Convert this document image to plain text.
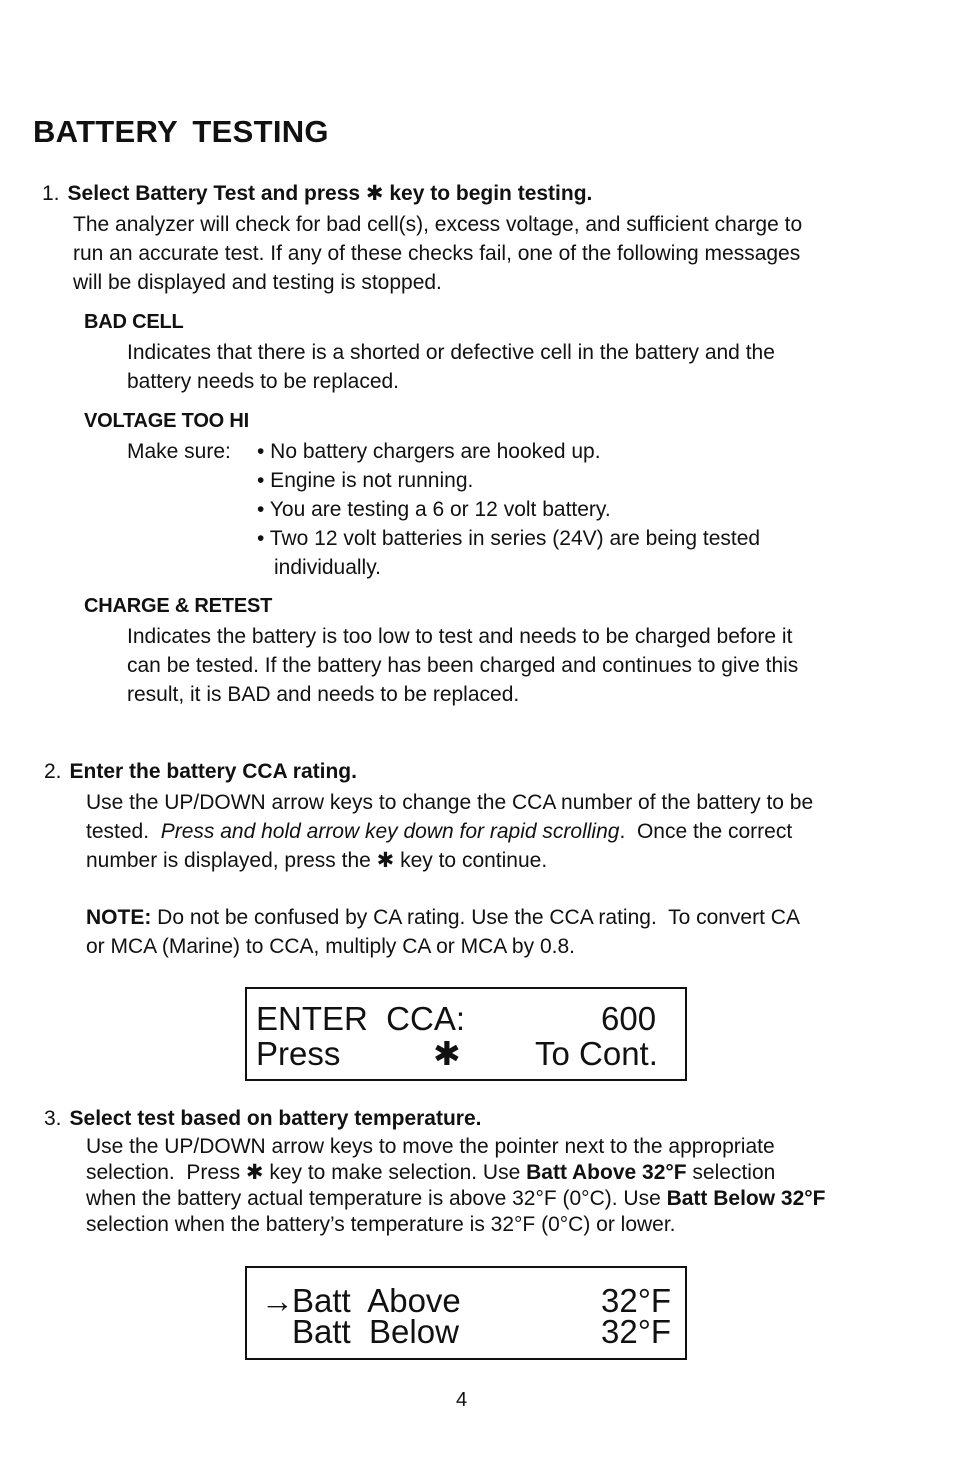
BATTERY TESTING
1. Select Battery Test and press ✱ key to begin testing.
The analyzer will check for bad cell(s), excess voltage, and sufficient charge to
run an accurate test. If any of these checks fail, one of the following messages
will be displayed and testing is stopped.
BAD CELL
Indicates that there is a shorted or defective cell in the battery and the
battery needs to be replaced.
VOLTAGE TOO HI
Make sure: • No battery chargers are hooked up.
• Engine is not running.
• You are testing a 6 or 12 volt battery.
• Two 12 volt batteries in series (24V) are being tested
individually.
CHARGE & RETEST
Indicates the battery is too low to test and needs to be charged before it
can be tested. If the battery has been charged and continues to give this
result, it is BAD and needs to be replaced.
2. Enter the battery CCA rating.
Use the UP/DOWN arrow keys to change the CCA number of the battery to be
tested.  Press and hold arrow key down for rapid scrolling.  Once the correct
number is displayed, press the ✱ key to continue.
NOTE: Do not be confused by CA rating. Use the CCA rating.  To convert CA
or MCA (Marine) to CCA, multiply CA or MCA by 0.8.
ENTER  CCA:	600
Press	✱ To Cont.
3. Select test based on battery temperature.
Use the UP/DOWN arrow keys to move the pointer next to the appropriate
selection.  Press ✱ key to make selection. Use Batt Above 32°F selection
when the battery actual temperature is above 32°F (0°C). Use Batt Below 32°F
selection when the battery’s temperature is 32°F (0°C) or lower.
→
Batt  Above	32°F
Batt  Below	32°F
4
